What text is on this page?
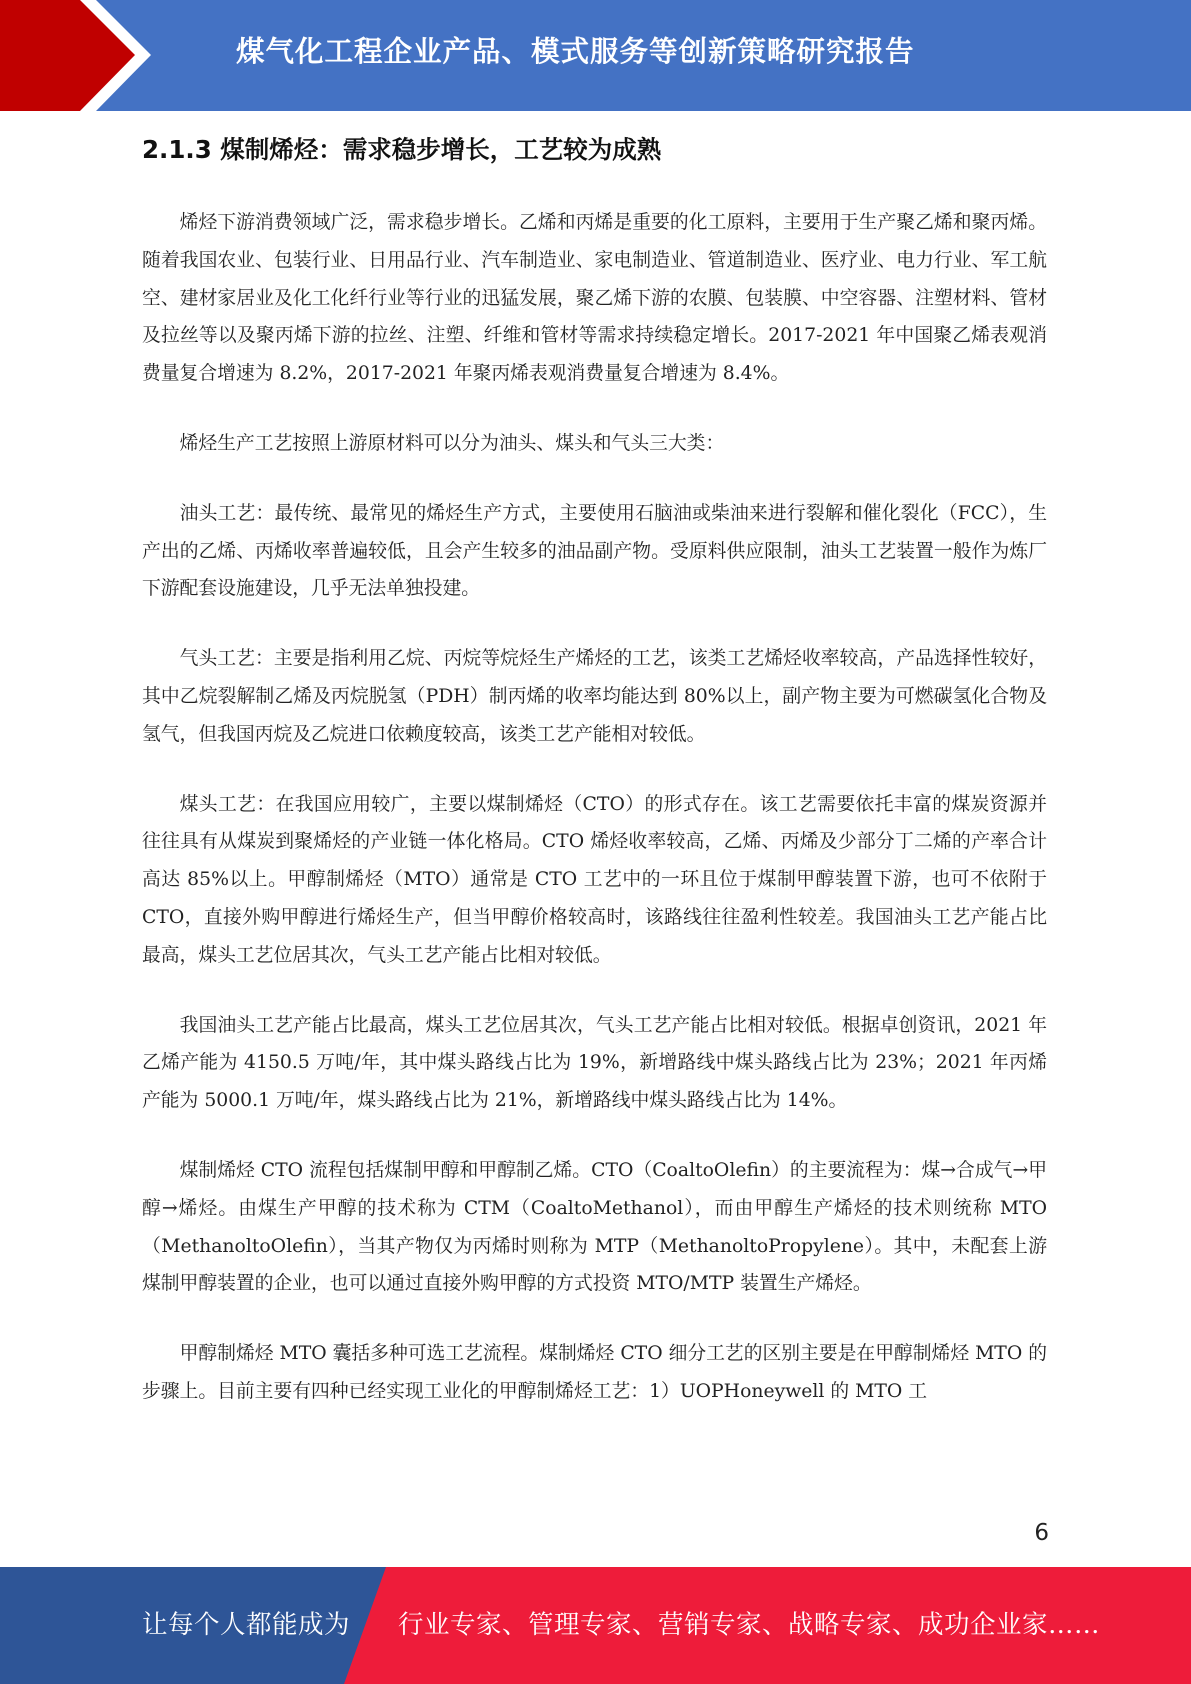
煤气化工程企业产品、模式服务等创新策略研究报告
2.1.3 煤制烯烃：需求稳步增长，工艺较为成熟

烯烃下游消费领域广泛，需求稳步增长。乙烯和丙烯是重要的化工原料，主要用于生产聚乙烯和聚丙烯。随着我国农业、包装行业、日用品行业、汽车制造业、家电制造业、管道制造业、医疗业、电力行业、军工航空、建材家居业及化工化纤行业等行业的迅猛发展，聚乙烯下游的农膜、包装膜、中空容器、注塑材料、管材及拉丝等以及聚丙烯下游的拉丝、注塑、纤维和管材等需求持续稳定增长。2017-2021 年中国聚乙烯表观消费量复合增速为 8.2%，2017-2021 年聚丙烯表观消费量复合增速为 8.4%。

烯烃生产工艺按照上游原材料可以分为油头、煤头和气头三大类：

油头工艺：最传统、最常见的烯烃生产方式，主要使用石脑油或柴油来进行裂解和催化裂化（FCC），生产出的乙烯、丙烯收率普遍较低，且会产生较多的油品副产物。受原料供应限制，油头工艺装置一般作为炼厂下游配套设施建设，几乎无法单独投建。

气头工艺：主要是指利用乙烷、丙烷等烷烃生产烯烃的工艺，该类工艺烯烃收率较高，产品选择性较好，其中乙烷裂解制乙烯及丙烷脱氢（PDH）制丙烯的收率均能达到 80%以上，副产物主要为可燃碳氢化合物及氢气，但我国丙烷及乙烷进口依赖度较高，该类工艺产能相对较低。

煤头工艺：在我国应用较广，主要以煤制烯烃（CTO）的形式存在。该工艺需要依托丰富的煤炭资源并往往具有从煤炭到聚烯烃的产业链一体化格局。CTO 烯烃收率较高，乙烯、丙烯及少部分丁二烯的产率合计高达 85%以上。甲醇制烯烃（MTO）通常是 CTO 工艺中的一环且位于煤制甲醇装置下游，也可不依附于 CTO，直接外购甲醇进行烯烃生产，但当甲醇价格较高时，该路线往往盈利性较差。我国油头工艺产能占比最高，煤头工艺位居其次，气头工艺产能占比相对较低。

我国油头工艺产能占比最高，煤头工艺位居其次，气头工艺产能占比相对较低。根据卓创资讯，2021 年乙烯产能为 4150.5 万吨/年，其中煤头路线占比为 19%，新增路线中煤头路线占比为 23%；2021 年丙烯产能为 5000.1 万吨/年，煤头路线占比为 21%，新增路线中煤头路线占比为 14%。

煤制烯烃 CTO 流程包括煤制甲醇和甲醇制乙烯。CTO（CoaltoOlefin）的主要流程为：煤→合成气→甲醇→烯烃。由煤生产甲醇的技术称为 CTM（CoaltoMethanol），而由甲醇生产烯烃的技术则统称 MTO（MethanoltoOlefin），当其产物仅为丙烯时则称为 MTP（MethanoltoPropylene）。其中，未配套上游煤制甲醇装置的企业，也可以通过直接外购甲醇的方式投资 MTO/MTP 装置生产烯烃。

甲醇制烯烃 MTO 囊括多种可选工艺流程。煤制烯烃 CTO 细分工艺的区别主要是在甲醇制烯烃 MTO 的步骤上。目前主要有四种已经实现工业化的甲醇制烯烃工艺：1）UOPHoneywell 的 MTO 工

6
让每个人都能成为 行业专家、管理专家、营销专家、战略专家、成功企业家……
